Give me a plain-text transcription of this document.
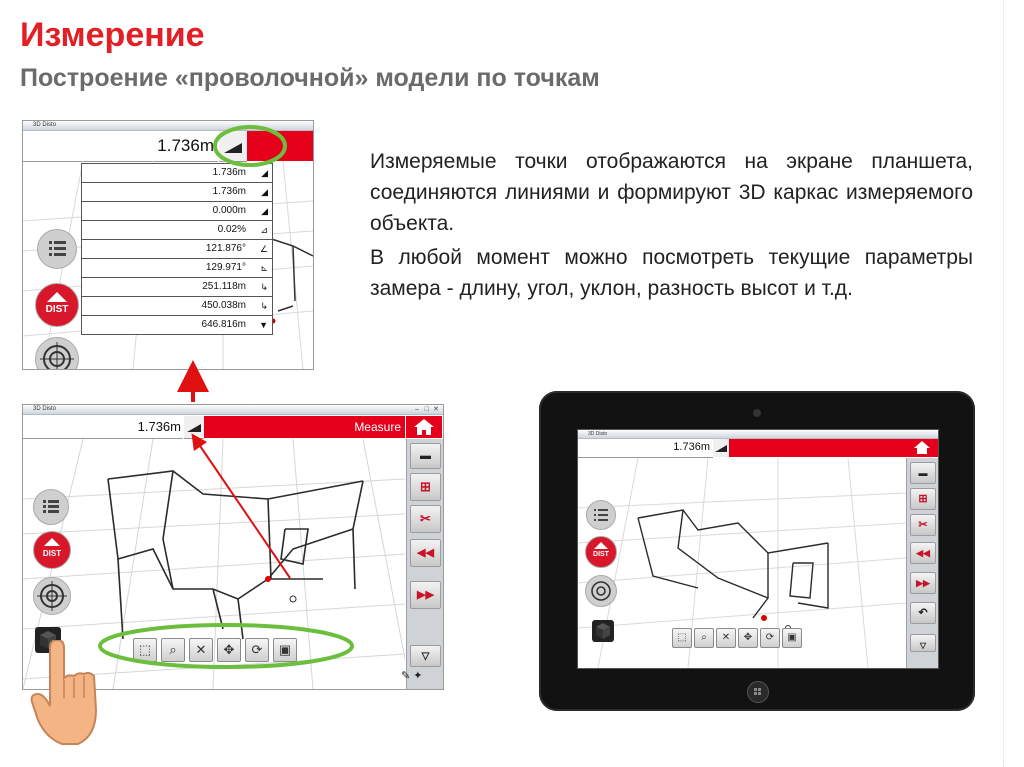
Измерение
Построение «проволочной» модели по точкам
Измеряемые точки отображаются на экране планшета, соединяются линиями и формируют 3D каркас измеряемого объекта.
В любой момент можно посмотреть текущие параметры замера - длину, угол, уклон, разность высот и т.д.
3D Disto
1.736m
DIST
1.736m ◢
1.736m ◢
0.000m ◢
0.02% ⊿
121.876° ∠
129.971° ⊾
251.118m ↳
450.038m ↳
646.816m ▼
3D Disto	– □ ✕
1.736m	Measure
DIST
▬
⊞
✂
◀◀
▶▶
▽
⬚	⌕	✕	✥	⟳	▣
✎ ✦
3D Disto
1.736m
DIST
▬
⊞
✂
◀◀
▶▶
↶
▽
⬚	⌕	✕	✥	⟳	▣
